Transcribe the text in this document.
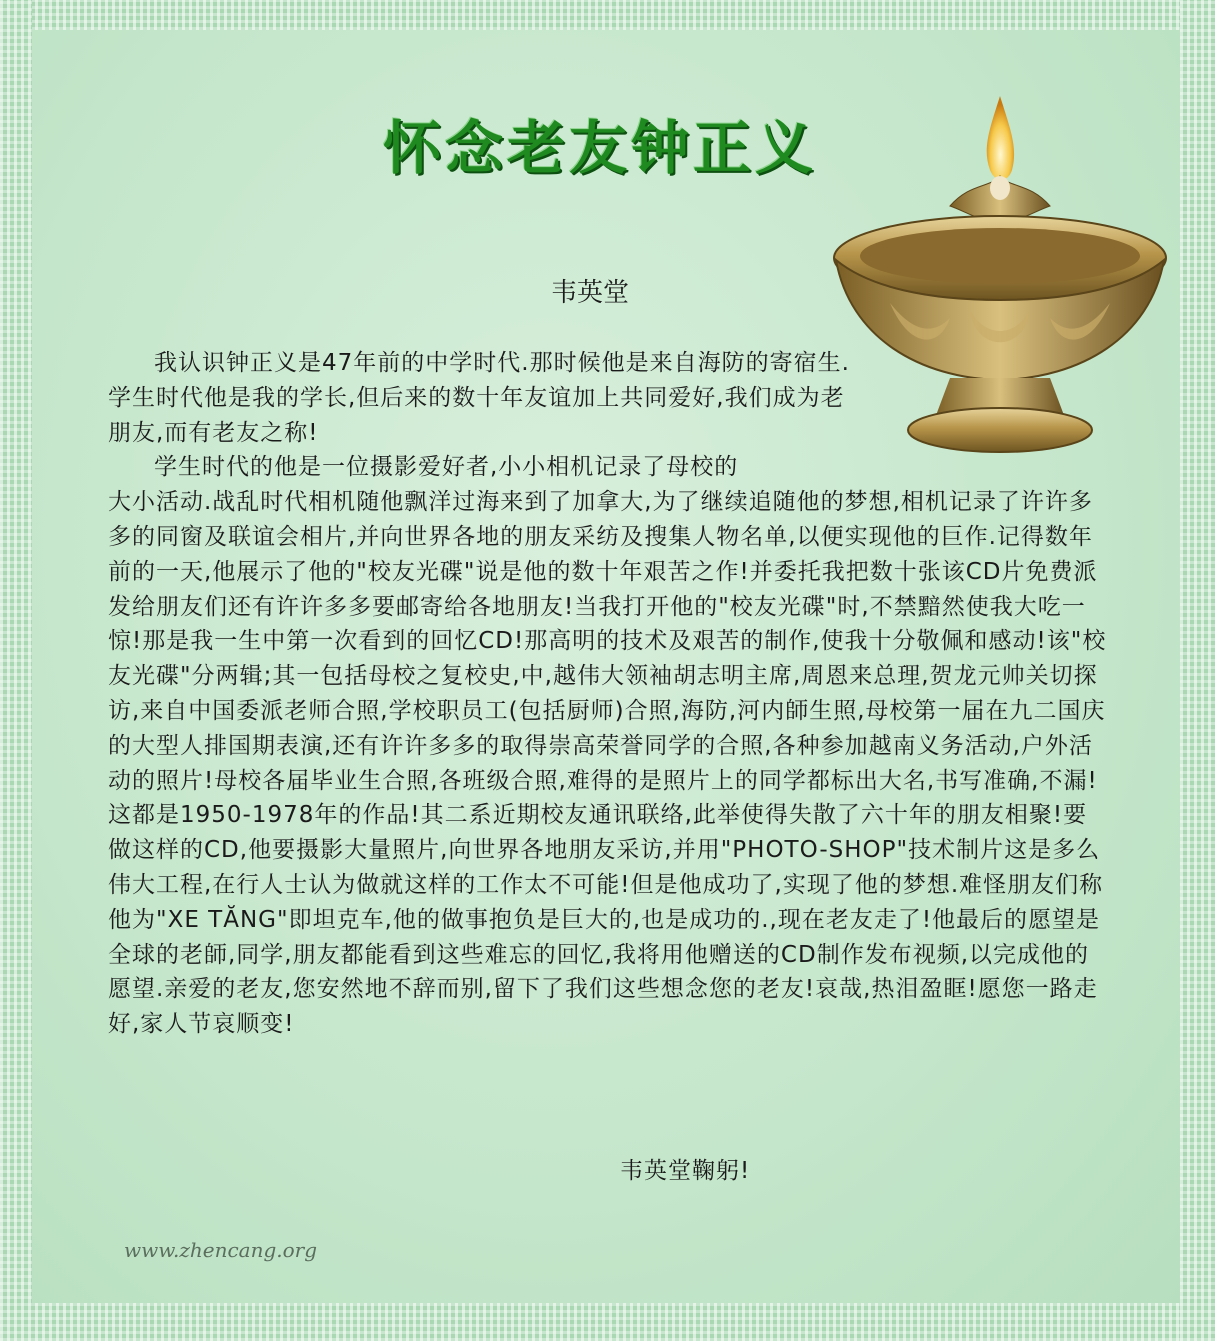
怀念老友钟正义
韦英堂

我认识钟正义是47年前的中学时代.那时候他是来自海防的寄宿生.学生时代他是我的学长,但后来的数十年友谊加上共同爱好,我们成为老朋友,而有老友之称!

学生时代的他是一位摄影爱好者,小小相机记录了母校的

大小活动.战乱时代相机随他飘洋过海来到了加拿大,为了继续追随他的梦想,相机记录了许许多多的同窗及联谊会相片,并向世界各地的朋友采纺及搜集人物名单,以便实现他的巨作.记得数年前的一天,他展示了他的"校友光碟"说是他的数十年艰苦之作!并委托我把数十张该CD片免费派发给朋友们还有许许多多要邮寄给各地朋友!当我打开他的"校友光碟"时,不禁黯然使我大吃一惊!那是我一生中第一次看到的回忆CD!那高明的技术及艰苦的制作,使我十分敬佩和感动!该"校友光碟"分两辑;其一包括母校之复校史,中,越伟大领袖胡志明主席,周恩来总理,贺龙元帅关切探访,来自中国委派老师合照,学校职员工(包括厨师)合照,海防,河内師生照,母校第一届在九二国庆的大型人排国期表演,还有许许多多的取得崇高荣誉同学的合照,各种参加越南义务活动,户外活动的照片!母校各届毕业生合照,各班级合照,难得的是照片上的同学都标出大名,书写准确,不漏!这都是1950-1978年的作品!其二系近期校友通讯联络,此举使得失散了六十年的朋友相聚!要做这样的CD,他要摄影大量照片,向世界各地朋友采访,并用"PHOTO-SHOP"技术制片这是多么伟大工程,在行人士认为做就这样的工作太不可能!但是他成功了,实现了他的梦想.难怪朋友们称他为"XE TĂNG"即坦克车,他的做事抱负是巨大的,也是成功的.,现在老友走了!他最后的愿望是全球的老師,同学,朋友都能看到这些难忘的回忆,我将用他赠送的CD制作发布视频,以完成他的愿望.亲爱的老友,您安然地不辞而别,留下了我们这些想念您的老友!哀哉,热泪盈眶!愿您一路走好,家人节哀顺变!

韦英堂鞠躬!
www.zhencang.org
